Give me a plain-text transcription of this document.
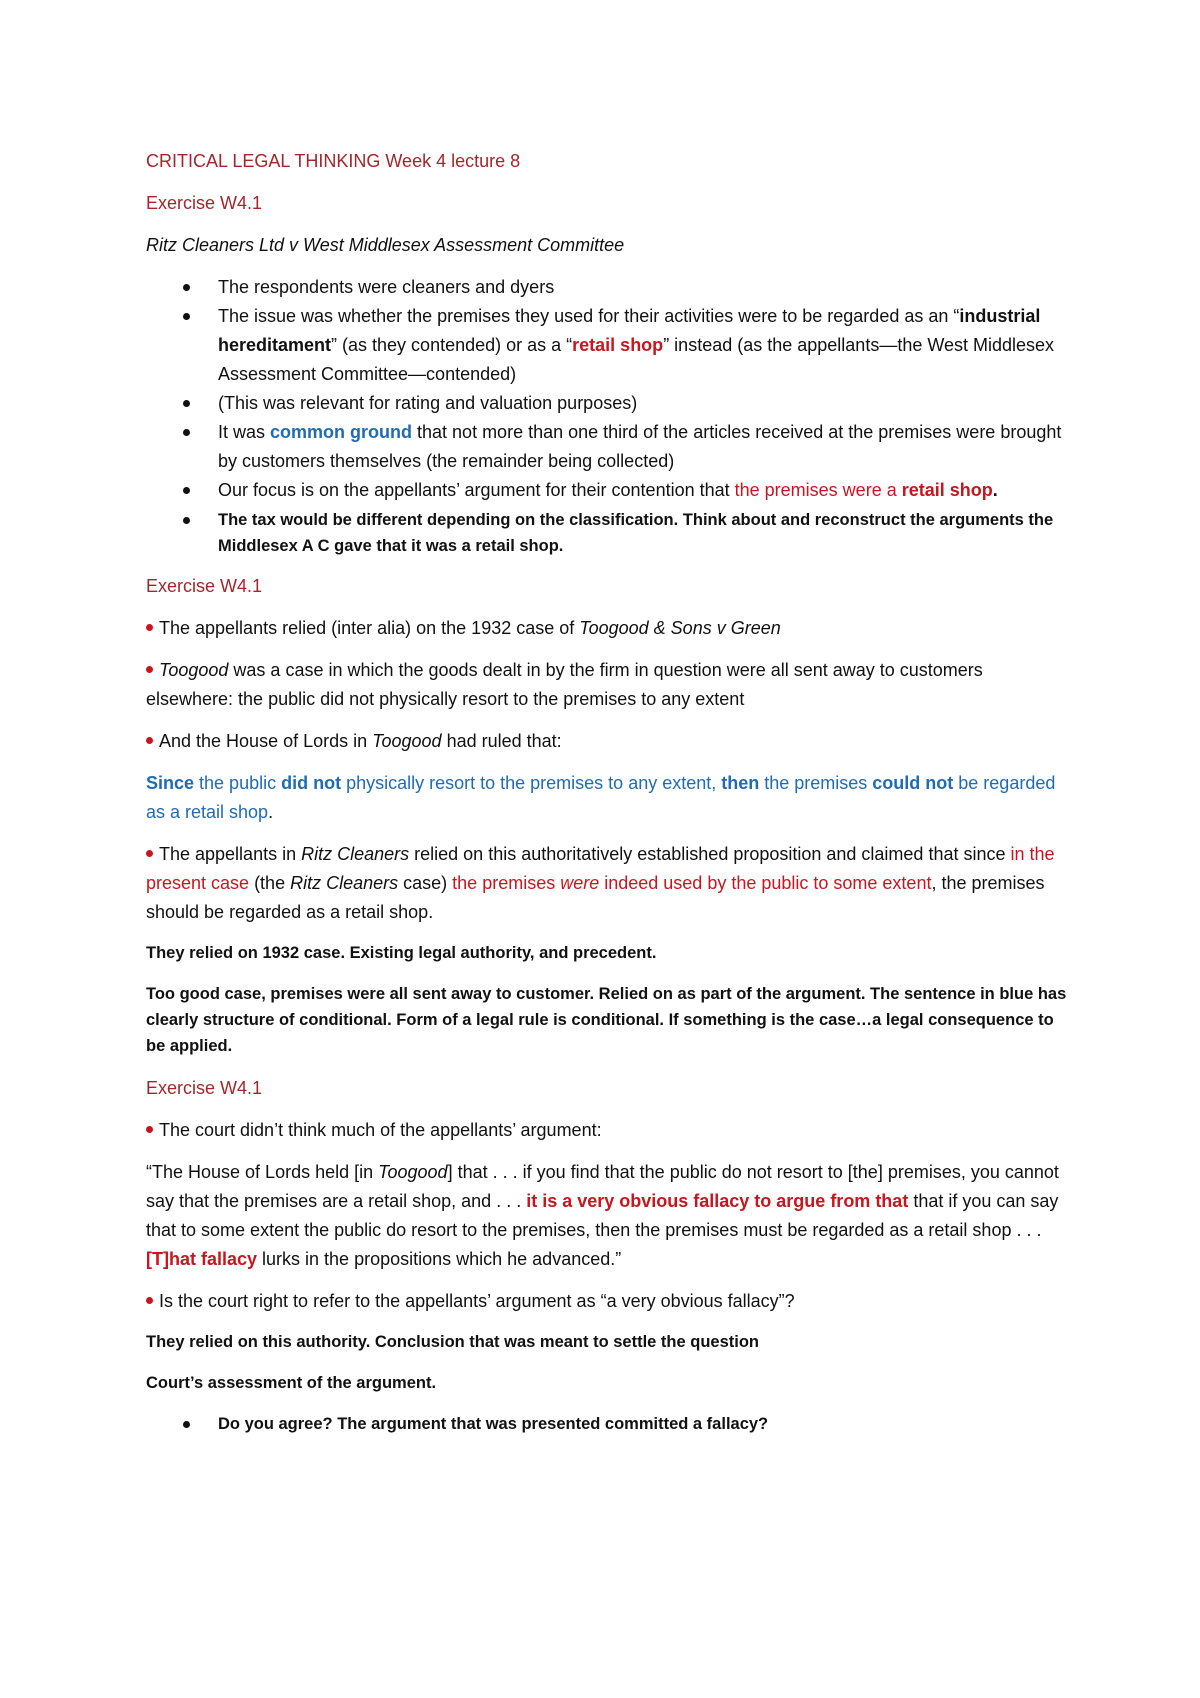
CRITICAL LEGAL THINKING Week 4 lecture 8

Exercise W4.1

Ritz Cleaners Ltd v West Middlesex Assessment Committee

The respondents were cleaners and dyers
The issue was whether the premises they used for their activities were to be regarded as an “industrial hereditament” (as they contended) or as a “retail shop” instead (as the appellants—the West Middlesex Assessment Committee—contended)
(This was relevant for rating and valuation purposes)
It was common ground that not more than one third of the articles received at the premises were brought by customers themselves (the remainder being collected)
Our focus is on the appellants’ argument for their contention that the premises were a retail shop.
The tax would be different depending on the classification. Think about and reconstruct the arguments the Middlesex A C gave that it was a retail shop.

Exercise W4.1

The appellants relied (inter alia) on the 1932 case of Toogood & Sons v Green

Toogood was a case in which the goods dealt in by the firm in question were all sent away to customers elsewhere: the public did not physically resort to the premises to any extent

And the House of Lords in Toogood had ruled that:

Since the public did not physically resort to the premises to any extent, then the premises could not be regarded as a retail shop.

The appellants in Ritz Cleaners relied on this authoritatively established proposition and claimed that since in the present case (the Ritz Cleaners case) the premises were indeed used by the public to some extent, the premises should be regarded as a retail shop.

They relied on 1932 case. Existing legal authority, and precedent.

Too good case, premises were all sent away to customer. Relied on as part of the argument. The sentence in blue has clearly structure of conditional. Form of a legal rule is conditional. If something is the case…a legal consequence to be applied.

Exercise W4.1

The court didn’t think much of the appellants’ argument:

“The House of Lords held [in Toogood] that . . . if you find that the public do not resort to [the] premises, you cannot say that the premises are a retail shop, and . . . it is a very obvious fallacy to argue from that that if you can say that to some extent the public do resort to the premises, then the premises must be regarded as a retail shop . . . [T]hat fallacy lurks in the propositions which he advanced.”

Is the court right to refer to the appellants’ argument as “a very obvious fallacy”?

They relied on this authority. Conclusion that was meant to settle the question

Court’s assessment of the argument.

Do you agree? The argument that was presented committed a fallacy?
